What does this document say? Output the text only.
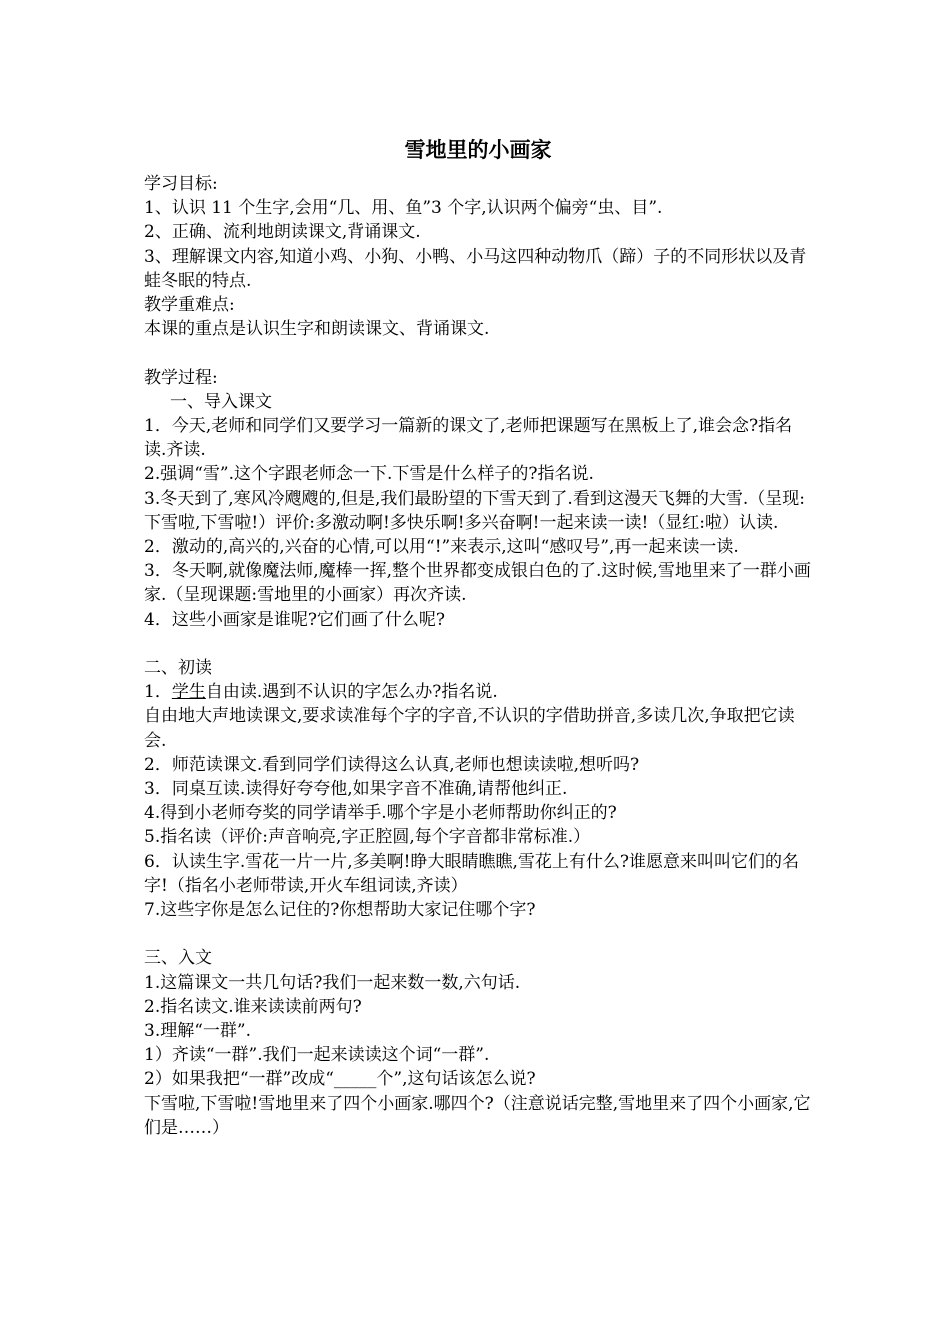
雪地里的小画家
学习目标:
1、认识 11 个生字,会用“几、用、鱼”3 个字,认识两个偏旁“虫、目”.
2、正确、流利地朗读课文,背诵课文.
3、理解课文内容,知道小鸡、小狗、小鸭、小马这四种动物爪（蹄）子的不同形状以及青蛙冬眠的特点.
教学重难点:
本课的重点是认识生字和朗读课文、背诵课文.
教学过程:
一、导入课文
1．今天,老师和同学们又要学习一篇新的课文了,老师把课题写在黑板上了,谁会念?指名读.齐读.
2.强调“雪”.这个字跟老师念一下.下雪是什么样子的?指名说.
3.冬天到了,寒风冷飕飕的,但是,我们最盼望的下雪天到了.看到这漫天飞舞的大雪.（呈现:下雪啦,下雪啦!）评价:多激动啊!多快乐啊!多兴奋啊!一起来读一读!（显红:啦）认读.
2．激动的,高兴的,兴奋的心情,可以用“!”来表示,这叫“感叹号”,再一起来读一读.
3．冬天啊,就像魔法师,魔棒一挥,整个世界都变成银白色的了.这时候,雪地里来了一群小画家.（呈现课题:雪地里的小画家）再次齐读.
4．这些小画家是谁呢?它们画了什么呢?
二、初读
1．学生自由读.遇到不认识的字怎么办?指名说.
自由地大声地读课文,要求读准每个字的字音,不认识的字借助拼音,多读几次,争取把它读会.
2．师范读课文.看到同学们读得这么认真,老师也想读读啦,想听吗?
3．同桌互读.读得好夸夸他,如果字音不准确,请帮他纠正.
4.得到小老师夸奖的同学请举手.哪个字是小老师帮助你纠正的?
5.指名读（评价:声音响亮,字正腔圆,每个字音都非常标准.）
6．认读生字.雪花一片一片,多美啊!睁大眼睛瞧瞧,雪花上有什么?谁愿意来叫叫它们的名字!（指名小老师带读,开火车组词读,齐读）
7.这些字你是怎么记住的?你想帮助大家记住哪个字?
三、入文
1.这篇课文一共几句话?我们一起来数一数,六句话.
2.指名读文.谁来读读前两句?
3.理解“一群”.
1）齐读“一群”.我们一起来读读这个词“一群”.
2）如果我把“一群”改成“_____个”,这句话该怎么说?
下雪啦,下雪啦!雪地里来了四个小画家.哪四个?（注意说话完整,雪地里来了四个小画家,它们是……）
